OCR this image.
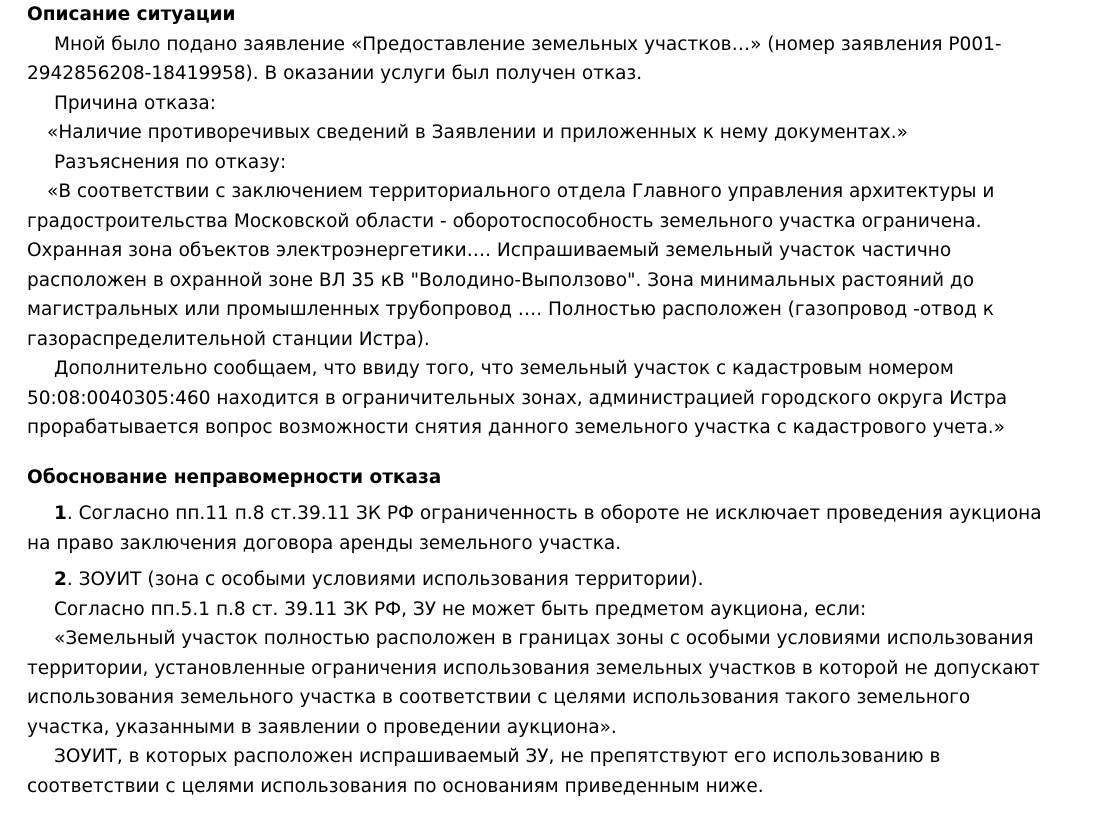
Описание ситуации
Мной было подано заявление «Предоставление земельных участков…» (номер заявления P001-
2942856208-18419958). В оказании услуги был получен отказ.
Причина отказа:
«Наличие противоречивых сведений в Заявлении и приложенных к нему документах.»
Разъяснения по отказу:
«В соответствии с заключением территориального отдела Главного управления архитектуры и
градостроительства Московской области - оборотоспособность земельного участка ограничена.
Охранная зона объектов электроэнергетики…. Испрашиваемый земельный участок частично
расположен в охранной зоне ВЛ 35 кВ "Володино-Выползово". Зона минимальных растояний до
магистральных или промышленных трубопровод …. Полностью расположен (газопровод -отвод к
газораспределительной станции Истра).
Дополнительно сообщаем, что ввиду того, что земельный участок с кадастровым номером
50:08:0040305:460 находится в ограничительных зонах, администрацией городского округа Истра
прорабатывается вопрос возможности снятия данного земельного участка с кадастрового учета.»
Обоснование неправомерности отказа
1. Согласно пп.11 п.8 ст.39.11 ЗК РФ ограниченность в обороте не исключает проведения аукциона
на право заключения договора аренды земельного участка.
2. ЗОУИТ (зона с особыми условиями использования территории).
Согласно пп.5.1 п.8 ст. 39.11 ЗК РФ, ЗУ не может быть предметом аукциона, если:
«Земельный участок полностью расположен в границах зоны с особыми условиями использования
территории, установленные ограничения использования земельных участков в которой не допускают
использования земельного участка в соответствии с целями использования такого земельного
участка, указанными в заявлении о проведении аукциона».
ЗОУИТ, в которых расположен испрашиваемый ЗУ, не препятствуют его использованию в
соответствии с целями использования по основаниям приведенным ниже.
